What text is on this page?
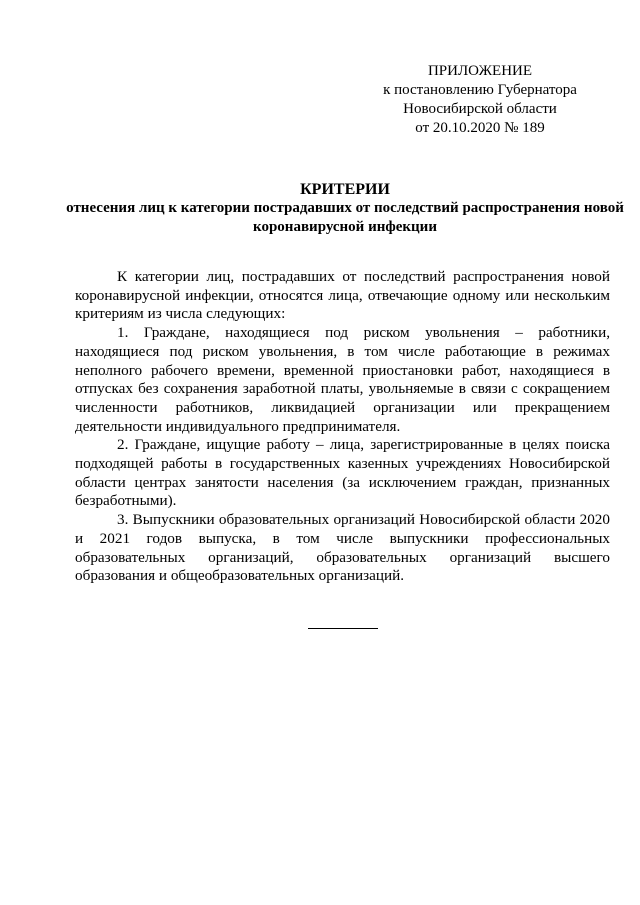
ПРИЛОЖЕНИЕ
к постановлению Губернатора
Новосибирской области
от 20.10.2020 № 189
КРИТЕРИИ
отнесения лиц к категории пострадавших от последствий распространения новой коронавирусной инфекции

К категории лиц, пострадавших от последствий распространения новой коронавирусной инфекции, относятся лица, отвечающие одному или нескольким критериям из числа следующих:

1. Граждане, находящиеся под риском увольнения – работники, находящиеся под риском увольнения, в том числе работающие в режимах неполного рабочего времени, временной приостановки работ, находящиеся в отпусках без сохранения заработной платы, увольняемые в связи с сокращением численности работников, ликвидацией организации или прекращением деятельности индивидуального предпринимателя.

2. Граждане, ищущие работу – лица, зарегистрированные в целях поиска подходящей работы в государственных казенных учреждениях Новосибирской области центрах занятости населения (за исключением граждан, признанных безработными).

3. Выпускники образовательных организаций Новосибирской области 2020 и 2021 годов выпуска, в том числе выпускники профессиональных образовательных организаций, образовательных организаций высшего образования и общеобразовательных организаций.
